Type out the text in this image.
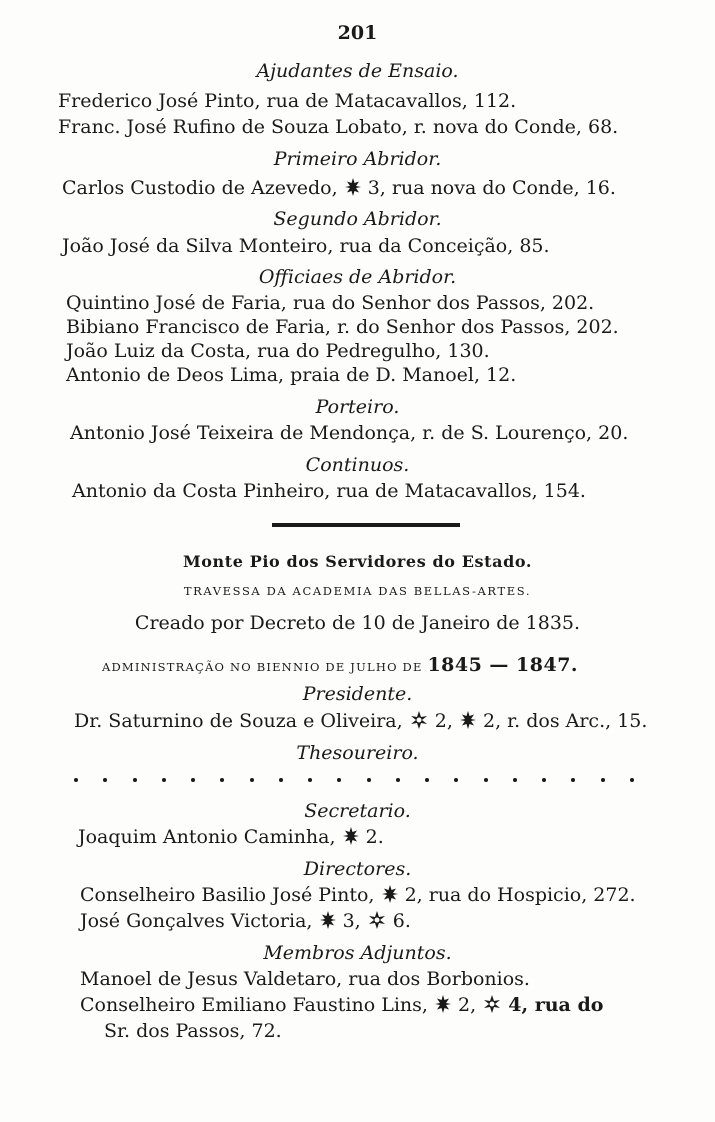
201
Ajudantes de Ensaio.
Frederico José Pinto, rua de Matacavallos, 112.
Franc. José Rufino de Souza Lobato, r. nova do Conde, 68.
Primeiro Abridor.
Carlos Custodio de Azevedo, 3, rua nova do Conde, 16.
Segundo Abridor.
João José da Silva Monteiro, rua da Conceição, 85.
Officiaes de Abridor.
Quintino José de Faria, rua do Senhor dos Passos, 202.
Bibiano Francisco de Faria, r. do Senhor dos Passos, 202.
João Luiz da Costa, rua do Pedregulho, 130.
Antonio de Deos Lima, praia de D. Manoel, 12.
Porteiro.
Antonio José Teixeira de Mendonça, r. de S. Lourenço, 20.
Continuos.
Antonio da Costa Pinheiro, rua de Matacavallos, 154.
Monte Pio dos Servidores do Estado.
TRAVESSA DA ACADEMIA DAS BELLAS-ARTES.
Creado por Decreto de 10 de Janeiro de 1835.
ADMINISTRAÇÃO NO BIENNIO DE JULHO DE 1845 — 1847.
Presidente.
Dr. Saturnino de Souza e Oliveira, 2, 2, r. dos Arc., 15.
Thesoureiro.
Secretario.
Joaquim Antonio Caminha, 2.
Directores.
Conselheiro Basilio José Pinto, 2, rua do Hospicio, 272.
José Gonçalves Victoria, 3, 6.
Membros Adjuntos.
Manoel de Jesus Valdetaro, rua dos Borbonios.
Conselheiro Emiliano Faustino Lins, 2, 4, rua do
Sr. dos Passos, 72.
